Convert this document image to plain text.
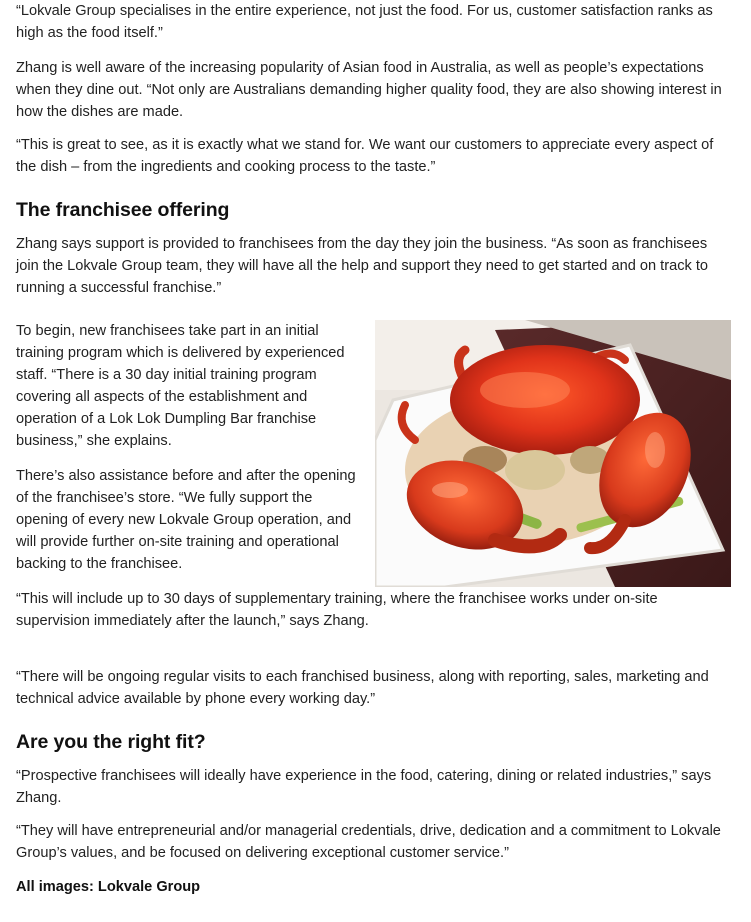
“Lokvale Group specialises in the entire experience, not just the food. For us, customer satisfaction ranks as high as the food itself.”

Zhang is well aware of the increasing popularity of Asian food in Australia, as well as people’s expectations when they dine out. “Not only are Australians demanding higher quality food, they are also showing interest in how the dishes are made.

“This is great to see, as it is exactly what we stand for. We want our customers to appreciate every aspect of the dish – from the ingredients and cooking process to the taste.”

The franchisee offering

Zhang says support is provided to franchisees from the day they join the business. “As soon as franchisees join the Lokvale Group team, they will have all the help and support they need to get started and on track to running a successful franchise.”

To begin, new franchisees take part in an initial training program which is delivered by experienced staff. “There is a 30 day initial training program covering all aspects of the establishment and operation of a Lok Lok Dumpling Bar franchise business,” she explains.

There’s also assistance before and after the opening of the franchisee’s store. “We fully support the opening of every new Lokvale Group operation, and will provide further on-site training and operational backing to the franchisee.

“This will include up to 30 days of supplementary training, where the franchisee works under on-site supervision immediately after the launch,” says Zhang.

“There will be ongoing regular visits to each franchised business, along with reporting, sales, marketing and technical advice available by phone every working day.”

Are you the right fit?

“Prospective franchisees will ideally have experience in the food, catering, dining or related industries,” says Zhang.

“They will have entrepreneurial and/or managerial credentials, drive, dedication and a commitment to Lokvale Group’s values, and be focused on delivering exceptional customer service.”

All images: Lokvale Group
